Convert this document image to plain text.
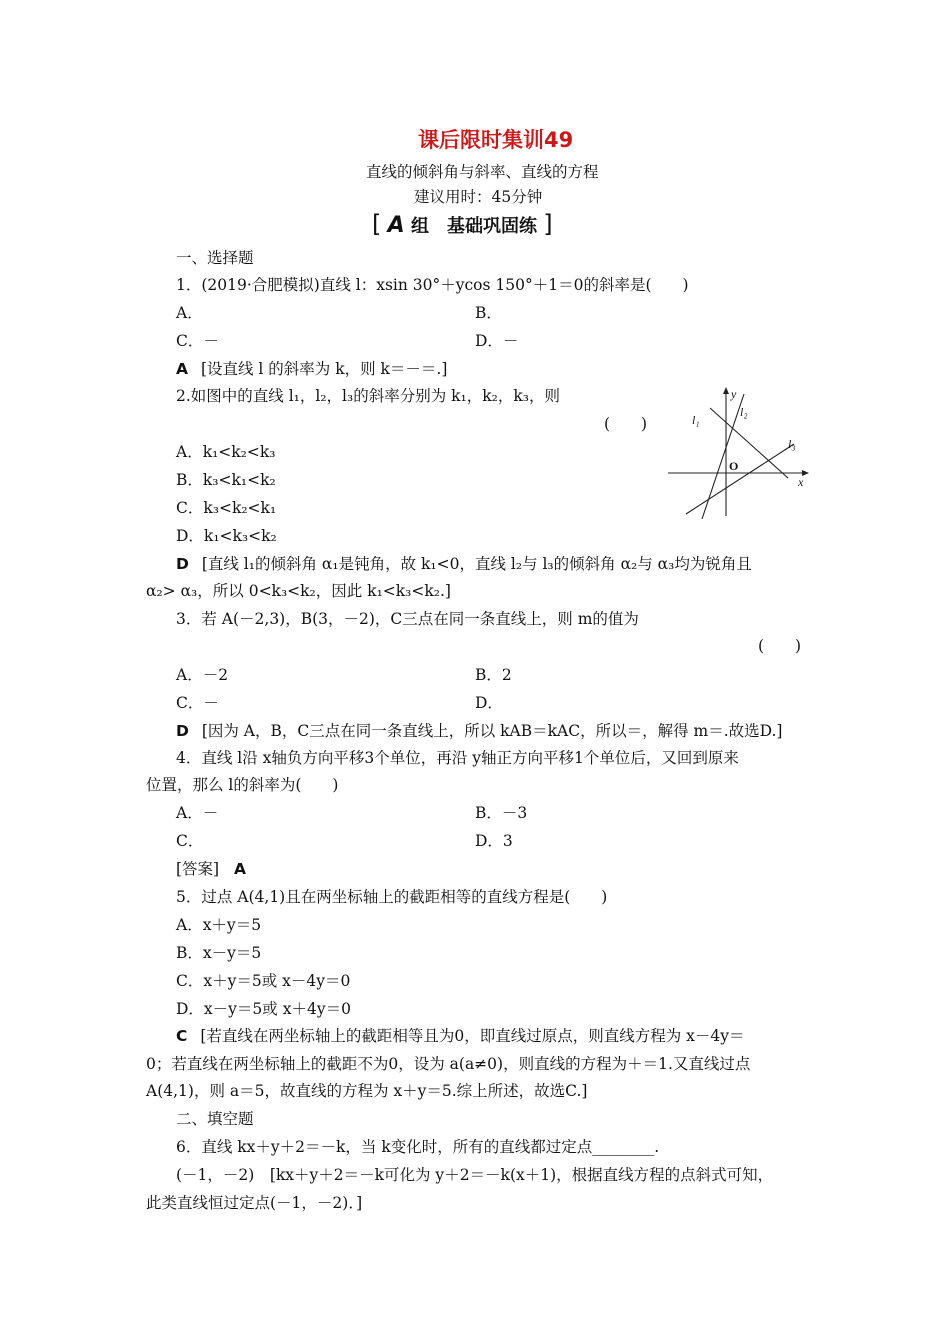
课后限时集训49
直线的倾斜角与斜率、直线的方程
建议用时：45分钟
[ A 组　基础巩固练 ]
一、选择题
1．(2019·合肥模拟)直线 l：xsin 30°＋ycos 150°＋1＝0的斜率是(　　)
A．	B．
C．－	D．－
A [设直线 l 的斜率为 k，则 k＝－＝.]
2.如图中的直线 l₁，l₂，l₃的斜率分别为 k₁，k₂，k₃，则
(　　)
A．k₁<k₂<k₃
B．k₃<k₁<k₂
C．k₃<k₂<k₁
D．k₁<k₃<k₂
y
x
O
l₁
l₂
l₃
D [直线 l₁的倾斜角 α₁是钝角，故 k₁<0，直线 l₂与 l₃的倾斜角 α₂与 α₃均为锐角且
α₂> α₃，所以 0<k₃<k₂，因此 k₁<k₃<k₂.]
3．若 A(－2,3)，B(3，－2)，C三点在同一条直线上，则 m的值为
(　　)
A．－2	B．2
C．－	D．
D [因为 A，B，C三点在同一条直线上，所以 kAB＝kAC，所以＝，解得 m＝.故选D.]
4．直线 l沿 x轴负方向平移3个单位，再沿 y轴正方向平移1个单位后，又回到原来
位置，那么 l的斜率为(　　)
A．－	B．－3
C．	D．3
[答案] A
5．过点 A(4,1)且在两坐标轴上的截距相等的直线方程是(　　)
A．x＋y＝5
B．x－y＝5
C．x＋y＝5或 x－4y＝0
D．x－y＝5或 x＋4y＝0
C [若直线在两坐标轴上的截距相等且为0，即直线过原点，则直线方程为 x－4y＝
0；若直线在两坐标轴上的截距不为0，设为 a(a≠0)，则直线的方程为＋＝1.又直线过点
A(4,1)，则 a＝5，故直线的方程为 x＋y＝5.综上所述，故选C.]
二、填空题
6．直线 kx＋y＋2＝－k，当 k变化时，所有的直线都过定点________.
(－1，－2)　[kx＋y＋2＝－k可化为 y＋2＝－k(x＋1)，根据直线方程的点斜式可知，
此类直线恒过定点(－1，－2)．]
